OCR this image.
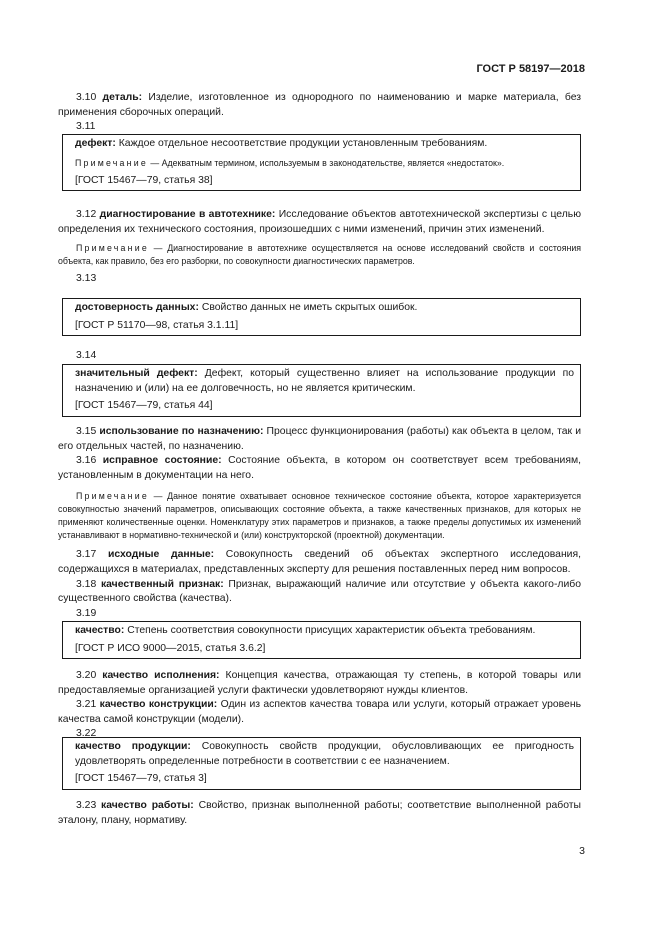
ГОСТ Р 58197—2018

3.10 деталь: Изделие, изготовленное из однородного по наименованию и марке материала, без применения сборочных операций.

3.11

дефект: Каждое отдельное несоответствие продукции установленным требованиям.

Примечание — Адекватным термином, используемым в законодательстве, является «недостаток».

[ГОСТ 15467—79, статья 38]

3.12 диагностирование в автотехнике: Исследование объектов автотехнической экспертизы с целью определения их технического состояния, произошедших с ними изменений, причин этих изменений.

Примечание — Диагностирование в автотехнике осуществляется на основе исследований свойств и состояния объекта, как правило, без его разборки, по совокупности диагностических параметров.

3.13

достоверность данных: Свойство данных не иметь скрытых ошибок.

[ГОСТ Р 51170—98, статья 3.1.11]

3.14

значительный дефект: Дефект, который существенно влияет на использование продукции по назначению и (или) на ее долговечность, но не является критическим.

[ГОСТ 15467—79, статья 44]

3.15 использование по назначению: Процесс функционирования (работы) как объекта в целом, так и его отдельных частей, по назначению.

3.16 исправное состояние: Состояние объекта, в котором он соответствует всем требованиям, установленным в документации на него.

Примечание — Данное понятие охватывает основное техническое состояние объекта, которое характеризуется совокупностью значений параметров, описывающих состояние объекта, а также качественных признаков, для которых не применяют количественные оценки. Номенклатуру этих параметров и признаков, а также пределы допустимых их изменений устанавливают в нормативно-технической и (или) конструкторской (проектной) документации.

3.17 исходные данные: Совокупность сведений об объектах экспертного исследования, содержащихся в материалах, представленных эксперту для решения поставленных перед ним вопросов.

3.18 качественный признак: Признак, выражающий наличие или отсутствие у объекта какого-либо существенного свойства (качества).

3.19

качество: Степень соответствия совокупности присущих характеристик объекта требованиям.

[ГОСТ Р ИСО 9000—2015, статья 3.6.2]

3.20 качество исполнения: Концепция качества, отражающая ту степень, в которой товары или предоставляемые организацией услуги фактически удовлетворяют нужды клиентов.

3.21 качество конструкции: Один из аспектов качества товара или услуги, который отражает уровень качества самой конструкции (модели).

3.22

качество продукции: Совокупность свойств продукции, обусловливающих ее пригодность удовлетворять определенные потребности в соответствии с ее назначением.

[ГОСТ 15467—79, статья 3]

3.23 качество работы: Свойство, признак выполненной работы; соответствие выполненной работы эталону, плану, нормативу.

3
